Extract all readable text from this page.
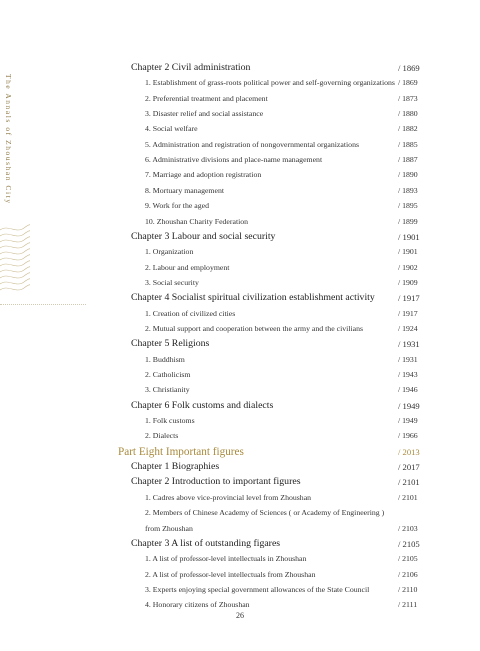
The Annals of Zhoushan City
Chapter 2 Civil administration	/ 1869
1. Establishment of grass-roots political power and self-governing organizations / 1869
2. Preferential treatment and placement	/ 1873
3. Disaster relief and social assistance	/ 1880
4. Social welfare	/ 1882
5. Administration and registration of nongovernmental organizations	/ 1885
6. Administrative divisions and place-name management	/ 1887
7. Marriage and adoption registration	/ 1890
8. Mortuary management	/ 1893
9. Work for the aged	/ 1895
10. Zhoushan Charity Federation	/ 1899
Chapter 3 Labour and social security	/ 1901
1. Organization	/ 1901
2. Labour and employment	/ 1902
3. Social security	/ 1909
Chapter 4 Socialist spiritual civilization establishment activity	/ 1917
1. Creation of civilized cities	/ 1917
2. Mutual support and cooperation between the army and the civilians	/ 1924
Chapter 5 Religions	/ 1931
1. Buddhism	/ 1931
2. Catholicism	/ 1943
3. Christianity	/ 1946
Chapter 6 Folk customs and dialects	/ 1949
1. Folk customs	/ 1949
2. Dialects	/ 1966
Part Eight Important figures	/ 2013
Chapter 1 Biographies	/ 2017
Chapter 2 Introduction to important figures	/ 2101
1. Cadres above vice-provincial level from Zhoushan	/ 2101
2. Members of Chinese Academy of Sciences ( or Academy of Engineering )
from Zhoushan	/ 2103
Chapter 3 A list of outstanding figares	/ 2105
1. A list of professor-level intellectuals in Zhoushan	/ 2105
2. A list of professor-level intellectuals from Zhoushan	/ 2106
3. Experts enjoying special government allowances of the State Council	/ 2110
4. Honorary citizens of Zhoushan	/ 2111
26
